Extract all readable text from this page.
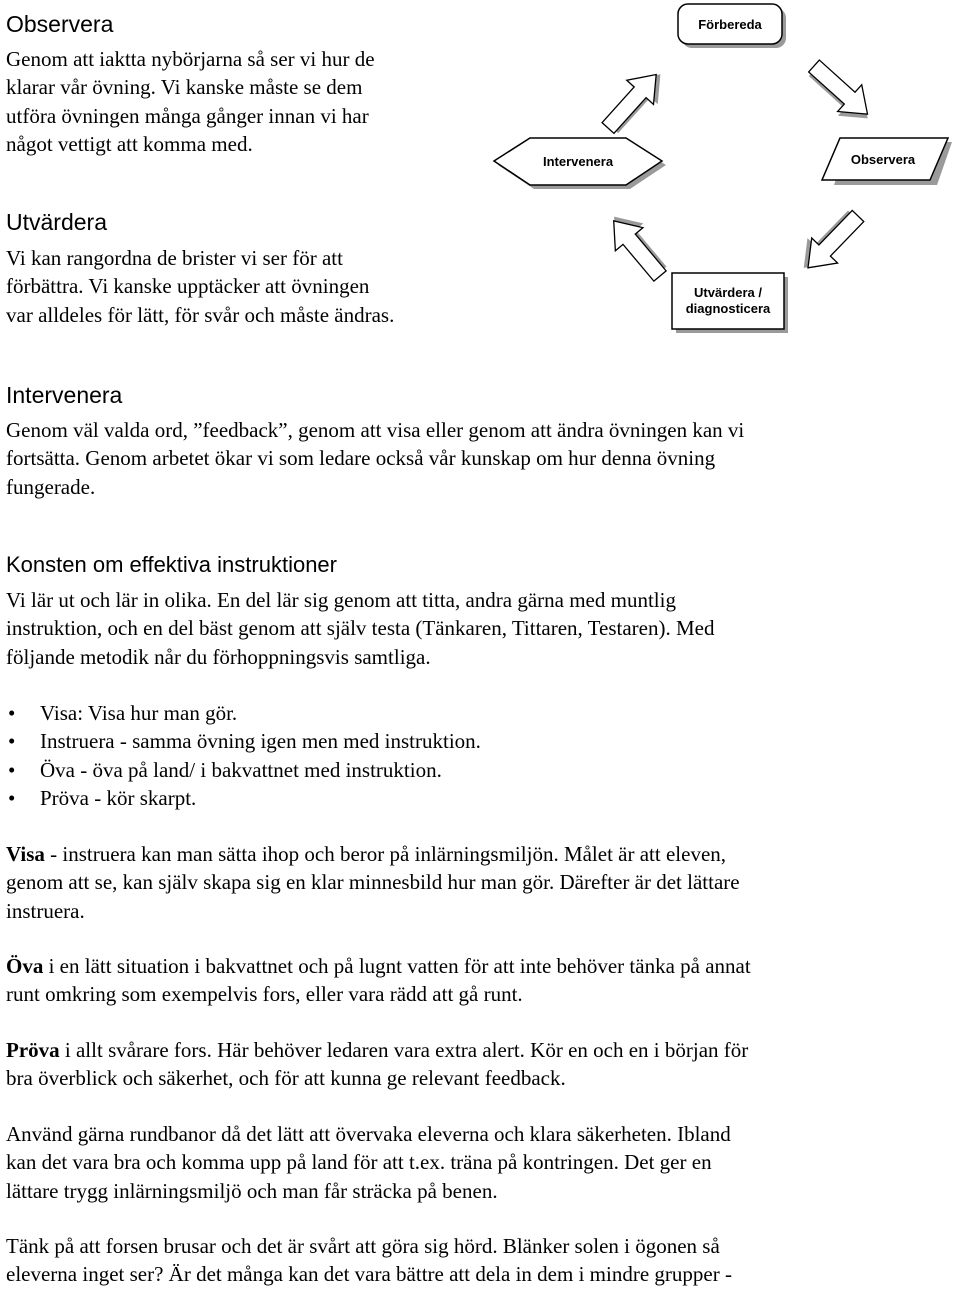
Observera
Genom att iaktta nybörjarna så ser vi hur de
klarar vår övning. Vi kanske måste se dem
utföra övningen många gånger innan vi har
något vettigt att komma med.
Utvärdera
Vi kan rangordna de brister vi ser för att
förbättra. Vi kanske upptäcker att övningen
var alldeles för lätt, för svår och måste ändras.
Förbereda
Intervenera	Observera
Utvärdera /
diagnosticera
Intervenera
Genom väl valda ord, ”feedback”, genom att visa eller genom att ändra övningen kan vi
fortsätta. Genom arbetet ökar vi som ledare också vår kunskap om hur denna övning
fungerade.
Konsten om effektiva instruktioner
Vi lär ut och lär in olika. En del lär sig genom att titta, andra gärna med muntlig
instruktion, och en del bäst genom att själv testa (Tänkaren, Tittaren, Testaren). Med
följande metodik når du förhoppningsvis samtliga.
• Visa: Visa hur man gör.
• Instruera - samma övning igen men med instruktion.
• Öva - öva på land/ i bakvattnet med instruktion.
• Pröva - kör skarpt.
Visa - instruera kan man sätta ihop och beror på inlärningsmiljön. Målet är att eleven,
genom att se, kan själv skapa sig en klar minnesbild hur man gör. Därefter är det lättare
instruera.
Öva i en lätt situation i bakvattnet och på lugnt vatten för att inte behöver tänka på annat
runt omkring som exempelvis fors, eller vara rädd att gå runt.
Pröva i allt svårare fors. Här behöver ledaren vara extra alert. Kör en och en i början för
bra överblick och säkerhet, och för att kunna ge relevant feedback.
Använd gärna rundbanor då det lätt att övervaka eleverna och klara säkerheten. Ibland
kan det vara bra och komma upp på land för att t.ex. träna på kontringen. Det ger en
lättare trygg inlärningsmiljö och man får sträcka på benen.
Tänk på att forsen brusar och det är svårt att göra sig hörd. Blänker solen i ögonen så
eleverna inget ser? Är det många kan det vara bättre att dela in dem i mindre grupper -
